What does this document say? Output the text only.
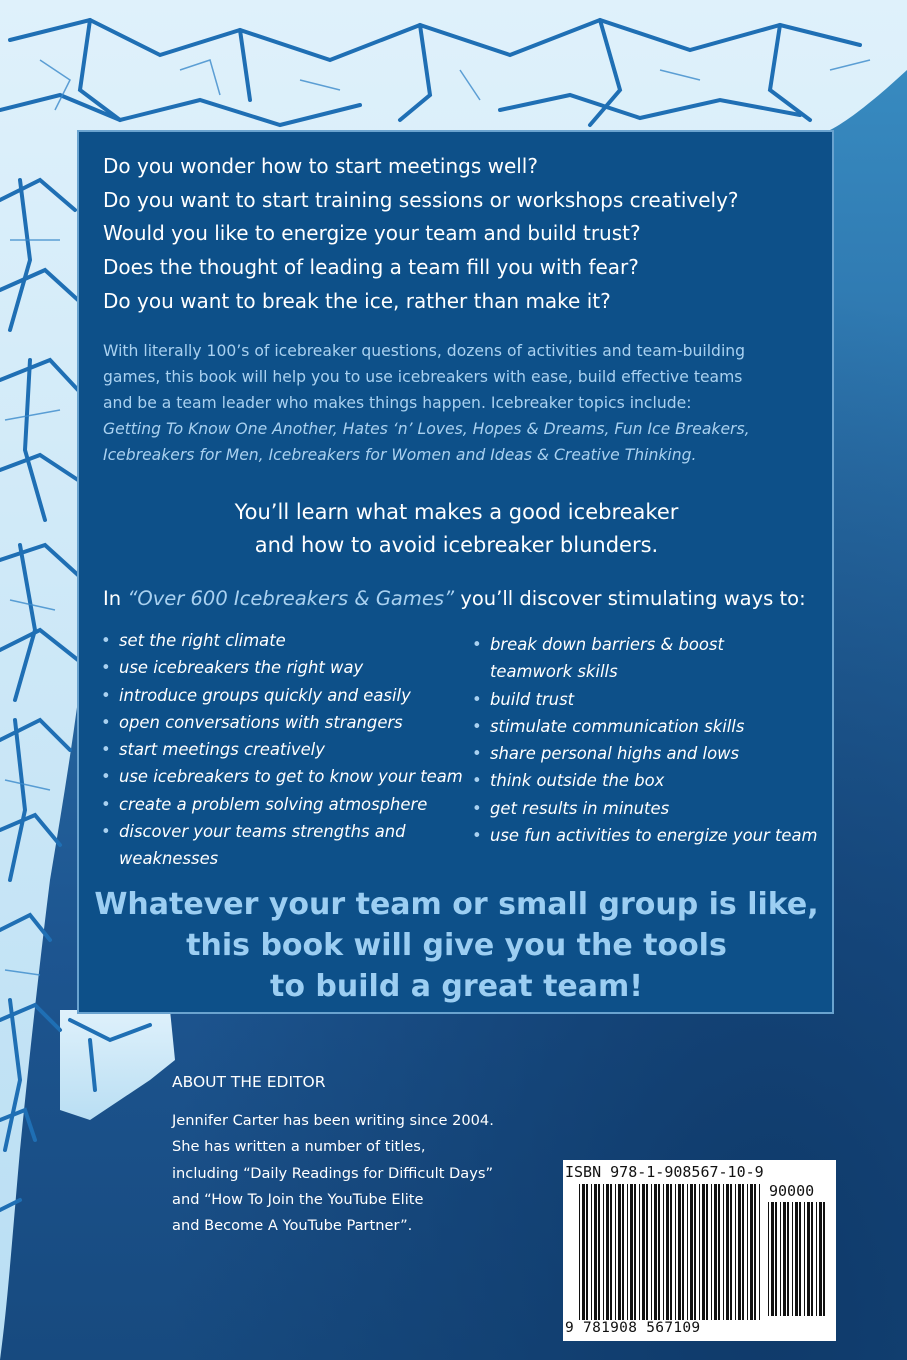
Do you wonder how to start meetings well?
Do you want to start training sessions or workshops creatively?
Would you like to energize your team and build trust?
Does the thought of leading a team fill you with fear?
Do you want to break the ice, rather than make it?
With literally 100’s of icebreaker questions, dozens of activities and team-building
games, this book will help you to use icebreakers with ease, build effective teams
and be a team leader who makes things happen. Icebreaker topics include:
Getting To Know One Another, Hates ‘n’ Loves, Hopes & Dreams, Fun Ice Breakers,
Icebreakers for Men, Icebreakers for Women and Ideas & Creative Thinking.
You’ll learn what makes a good icebreaker
and how to avoid icebreaker blunders.
In “Over 600 Icebreakers & Games” you’ll discover stimulating ways to:
• set the right climate
• use icebreakers the right way
• introduce groups quickly and easily
• open conversations with strangers
• start meetings creatively
• use icebreakers to get to know your team
• create a problem solving atmosphere
• discover your teams strengths and
weaknesses
• break down barriers & boost
teamwork skills
• build trust
• stimulate communication skills
• share personal highs and lows
• think outside the box
• get results in minutes
• use fun activities to energize your team
Whatever your team or small group is like,
this book will give you the tools
to build a great team!
ABOUT THE EDITOR
Jennifer Carter has been writing since 2004.
She has written a number of titles,
including “Daily Readings for Difficult Days”
and “How To Join the YouTube Elite
and Become A YouTube Partner”.
ISBN 978-1-908567-10-9
90000
9 781908 567109
